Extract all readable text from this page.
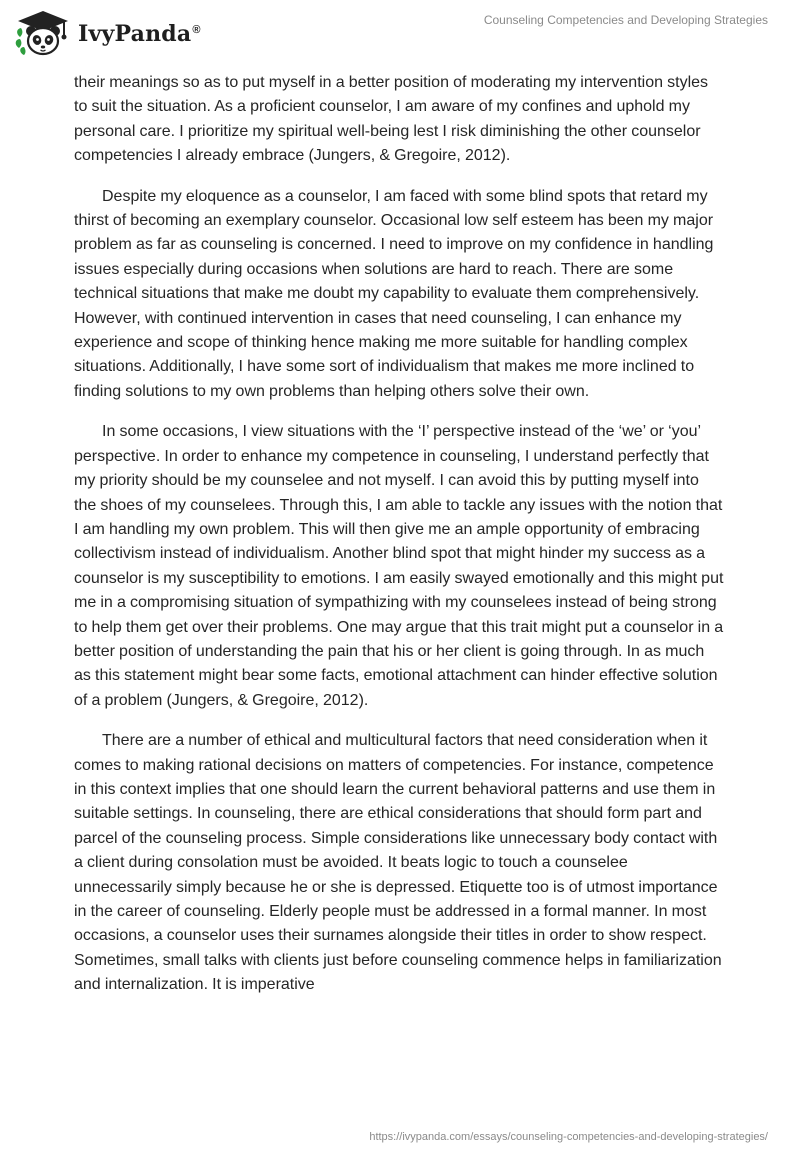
IvyPanda®
Counseling Competencies and Developing Strategies

their meanings so as to put myself in a better position of moderating my intervention styles to suit the situation. As a proficient counselor, I am aware of my confines and uphold my personal care. I prioritize my spiritual well-being lest I risk diminishing the other counselor competencies I already embrace (Jungers, & Gregoire, 2012).

Despite my eloquence as a counselor, I am faced with some blind spots that retard my thirst of becoming an exemplary counselor. Occasional low self esteem has been my major problem as far as counseling is concerned. I need to improve on my confidence in handling issues especially during occasions when solutions are hard to reach. There are some technical situations that make me doubt my capability to evaluate them comprehensively. However, with continued intervention in cases that need counseling, I can enhance my experience and scope of thinking hence making me more suitable for handling complex situations. Additionally, I have some sort of individualism that makes me more inclined to finding solutions to my own problems than helping others solve their own.

In some occasions, I view situations with the ‘I’ perspective instead of the ‘we’ or ‘you’ perspective. In order to enhance my competence in counseling, I understand perfectly that my priority should be my counselee and not myself. I can avoid this by putting myself into the shoes of my counselees. Through this, I am able to tackle any issues with the notion that I am handling my own problem. This will then give me an ample opportunity of embracing collectivism instead of individualism. Another blind spot that might hinder my success as a counselor is my susceptibility to emotions. I am easily swayed emotionally and this might put me in a compromising situation of sympathizing with my counselees instead of being strong to help them get over their problems. One may argue that this trait might put a counselor in a better position of understanding the pain that his or her client is going through. In as much as this statement might bear some facts, emotional attachment can hinder effective solution of a problem (Jungers, & Gregoire, 2012).

There are a number of ethical and multicultural factors that need consideration when it comes to making rational decisions on matters of competencies. For instance, competence in this context implies that one should learn the current behavioral patterns and use them in suitable settings. In counseling, there are ethical considerations that should form part and parcel of the counseling process. Simple considerations like unnecessary body contact with a client during consolation must be avoided. It beats logic to touch a counselee unnecessarily simply because he or she is depressed. Etiquette too is of utmost importance in the career of counseling. Elderly people must be addressed in a formal manner. In most occasions, a counselor uses their surnames alongside their titles in order to show respect. Sometimes, small talks with clients just before counseling commence helps in familiarization and internalization. It is imperative

https://ivypanda.com/essays/counseling-competencies-and-developing-strategies/
